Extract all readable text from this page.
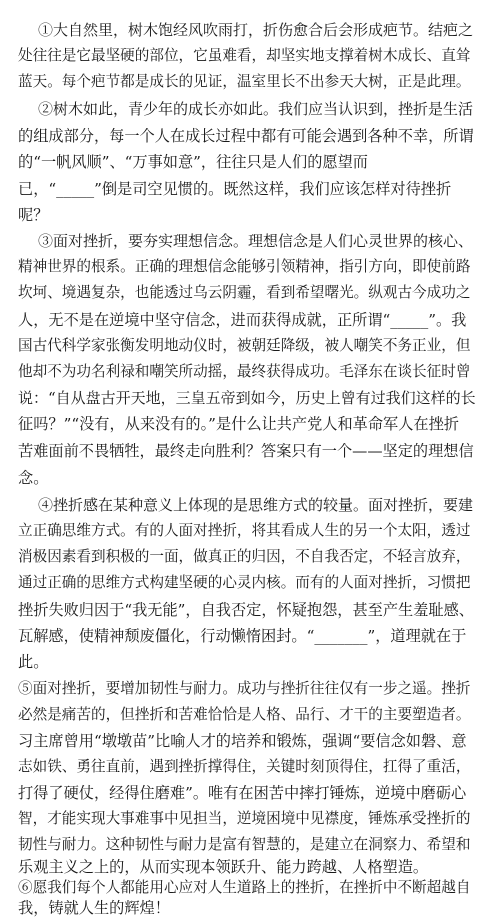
①大自然里，树木饱经风吹雨打，折伤愈合后会形成疤节。结疤之
处往往是它最坚硬的部位，它虽难看，却坚实地支撑着树木成长、直耸
蓝天。每个疤节都是成长的见证，温室里长不出参天大树，正是此理。
②树木如此，青少年的成长亦如此。我们应当认识到，挫折是生活
的组成部分，每一个人在成长过程中都有可能会遇到各种不幸，所谓
的“一帆风顺”、“万事如意”，往往只是人们的愿望而
已，“_____”倒是司空见惯的。既然这样，我们应该怎样对待挫折
呢？
③面对挫折，要夯实理想信念。理想信念是人们心灵世界的核心、
精神世界的根系。正确的理想信念能够引领精神，指引方向，即使前路
坎坷、境遇复杂，也能透过乌云阴霾，看到希望曙光。纵观古今成功之
人，无不是在逆境中坚守信念，进而获得成就，正所谓“_____”。我
国古代科学家张衡发明地动仪时，被朝廷降级，被人嘲笑不务正业，但
他却不为功名利禄和嘲笑所动摇，最终获得成功。毛泽东在谈长征时曾
说：“自从盘古开天地，三皇五帝到如今，历史上曾有过我们这样的长
征吗？”“没有，从来没有的。”是什么让共产党人和革命军人在挫折
苦难面前不畏牺牲，最终走向胜利？答案只有一个——坚定的理想信
念。
④挫折感在某种意义上体现的是思维方式的较量。面对挫折，要建
立正确思维方式。有的人面对挫折，将其看成人生的另一个太阳，透过
消极因素看到积极的一面，做真正的归因，不自我否定，不轻言放弃，
通过正确的思维方式构建坚硬的心灵内核。而有的人面对挫折，习惯把
挫折失败归因于“我无能”，自我否定，怀疑抱怨，甚至产生羞耻感、
瓦解感，使精神颓废僵化，行动懒惰困封。“_______”，道理就在于
此。
⑤面对挫折，要增加韧性与耐力。成功与挫折往往仅有一步之遥。挫折
必然是痛苦的，但挫折和苦难恰恰是人格、品行、才干的主要塑造者。
习主席曾用“墩墩苗”比喻人才的培养和锻炼，强调“要信念如磐、意
志如铁、勇往直前，遇到挫折撑得住，关键时刻顶得住，扛得了重活，
打得了硬仗，经得住磨难”。唯有在困苦中摔打锤炼，逆境中磨砺心
智，才能实现大事难事中见担当，逆境困境中见襟度，锤炼承受挫折的
韧性与耐力。这种韧性与耐力是富有智慧的，是建立在洞察力、希望和
乐观主义之上的，从而实现本领跃升、能力跨越、人格塑造。
⑥愿我们每个人都能用心应对人生道路上的挫折，在挫折中不断超越自
我，铸就人生的辉煌！
